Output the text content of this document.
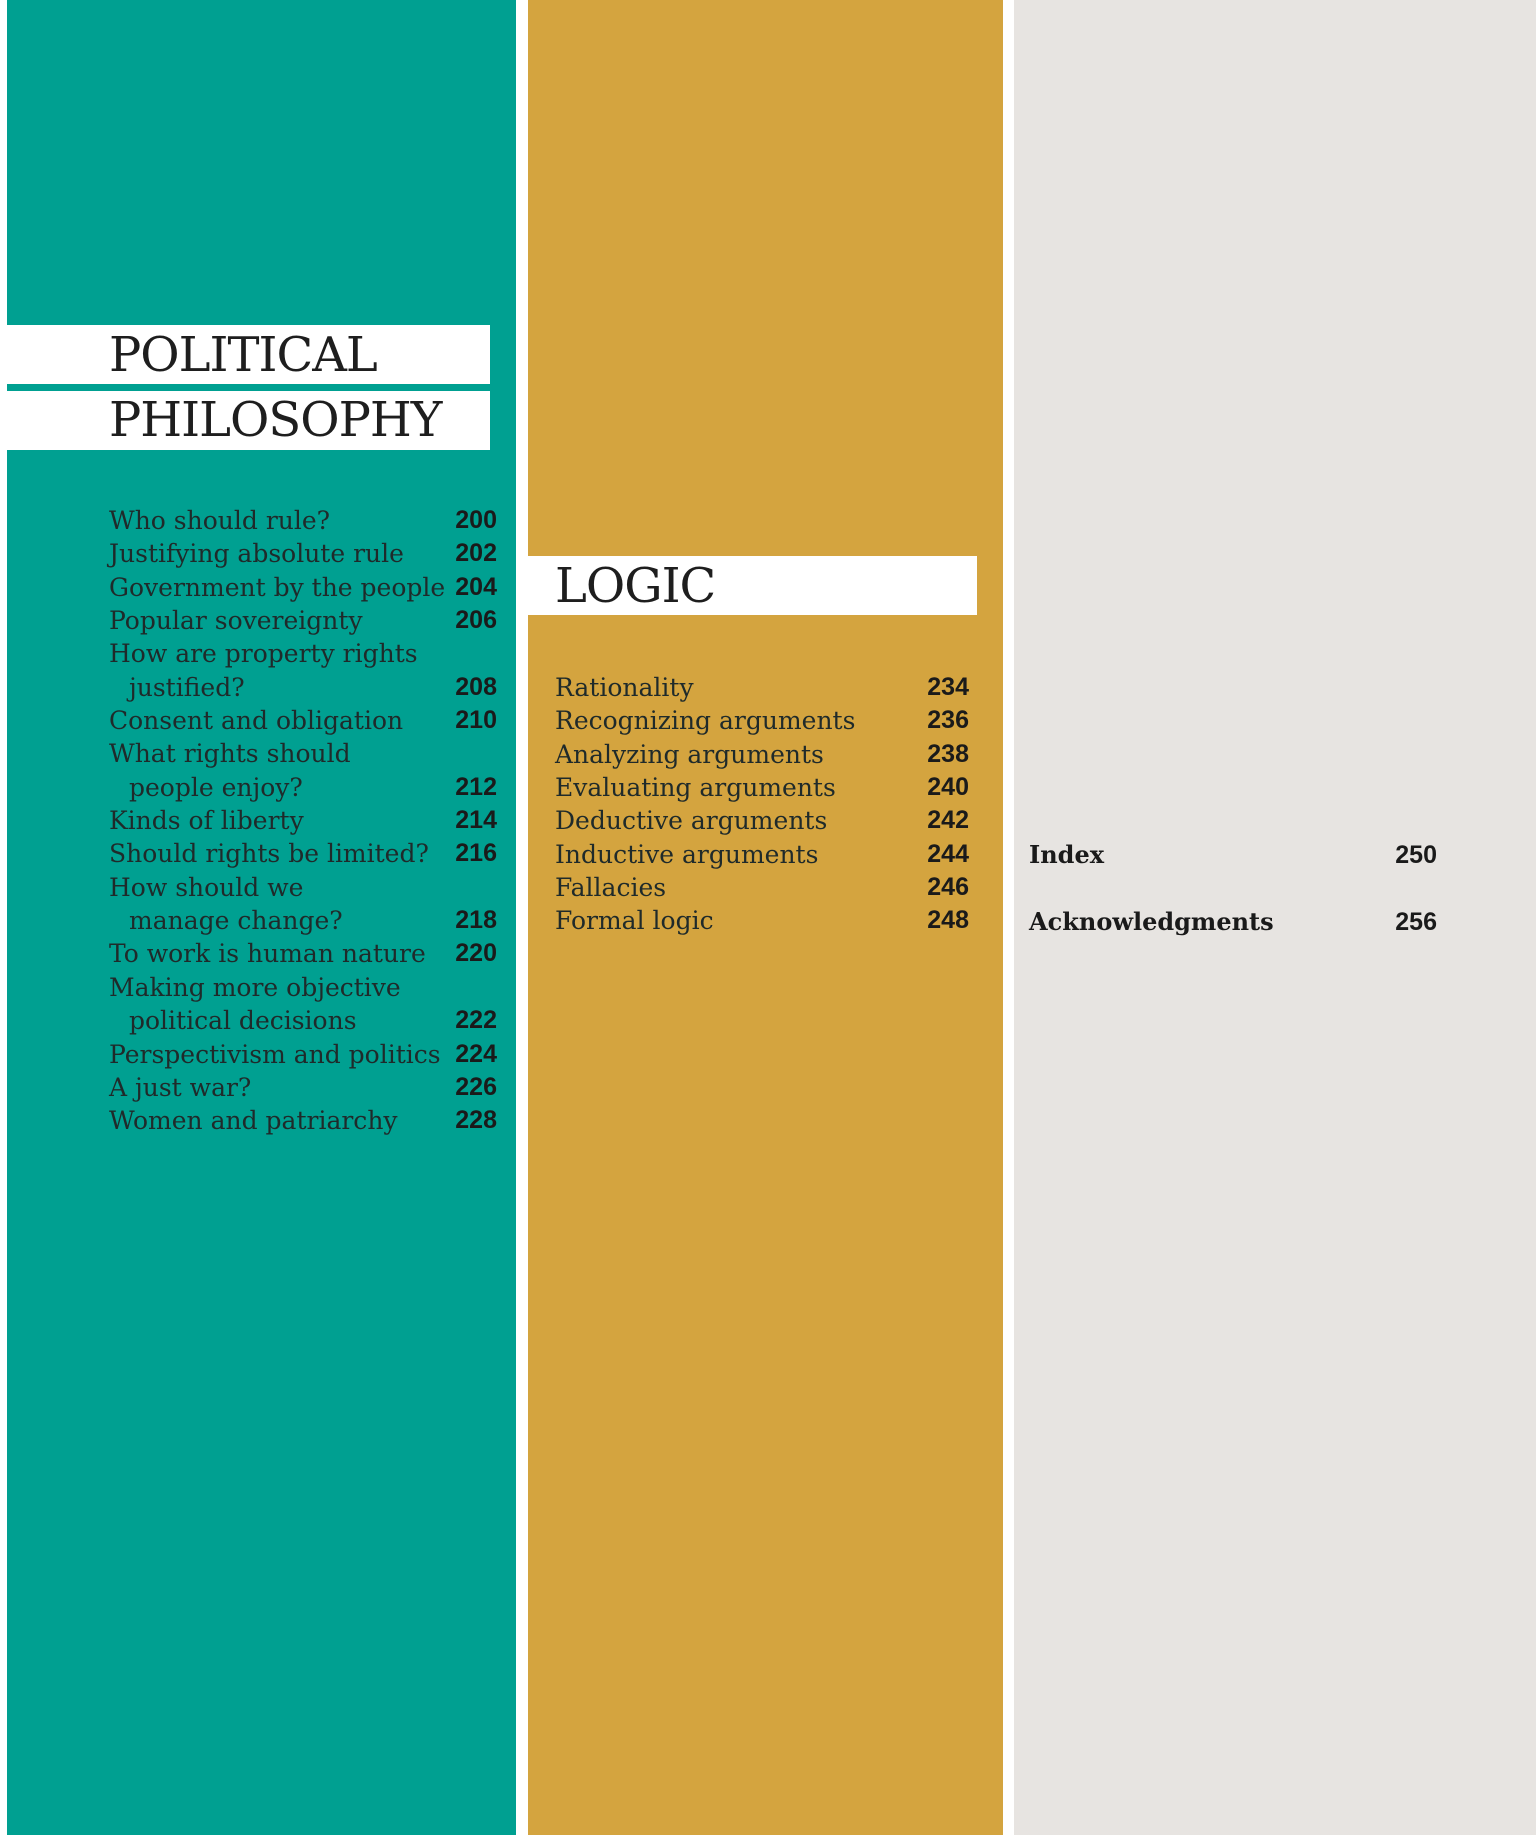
POLITICAL
PHILOSOPHY
Who should rule?	200
Justifying absolute rule	202
Government by the people 204
Popular sovereignty	206
How are property rights
justified?	208
Consent and obligation	210
What rights should
people enjoy?	212
Kinds of liberty	214
Should rights be limited?	216
How should we
manage change?	218
To work is human nature	220
Making more objective
political decisions	222
Perspectivism and politics 224
A just war?	226
Women and patriarchy	228
LOGIC
Rationality	234
Recognizing arguments	236
Analyzing arguments	238
Evaluating arguments	240
Deductive arguments	242
Inductive arguments	244
Fallacies	246
Formal logic	248
Index	250
Acknowledgments	256
